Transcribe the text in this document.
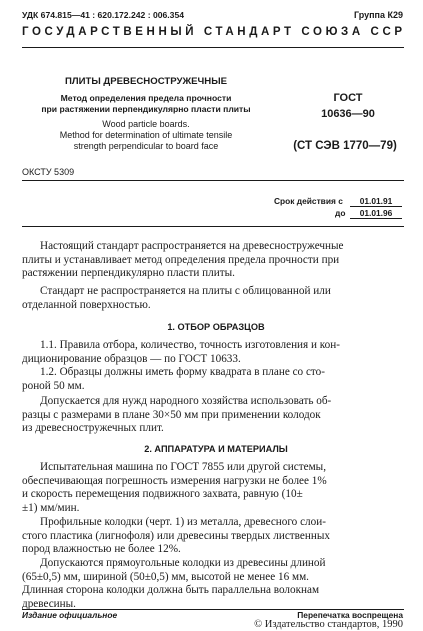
УДК 674.815—41 : 620.172.242 : 006.354	Группа К29
ГОСУДАРСТВЕННЫЙ СТАНДАРТ СОЮЗА ССР
ПЛИТЫ ДРЕВЕСНОСТРУЖЕЧНЫЕ
Метод определения предела прочности
при растяжении перпендикулярно пласти плиты
Wood particle boards.
Method for determination of ultimate tensile
strength perpendicular to board face
ГОСТ
10636—90
(СТ СЭВ 1770—79)
ОКСТУ 5309
Срок действия с	01.01.91
до	01.01.96
Настоящий стандарт распространяется на древесностружечные
плиты и устанавливает метод определения предела прочности при
растяжении перпендикулярно пласти плиты.
Стандарт не распространяется на плиты с облицованной или
отделанной поверхностью.
1. ОТБОР ОБРАЗЦОВ
1.1. Правила отбора, количество, точность изготовления и кон-
диционирование образцов — по ГОСТ 10633.
1.2. Образцы должны иметь форму квадрата в плане со сто-
роной 50 мм.
Допускается для нужд народного хозяйства использовать об-
разцы с размерами в плане 30×50 мм при применении колодок
из древесностружечных плит.
2. АППАРАТУРА И МАТЕРИАЛЫ
Испытательная машина по ГОСТ 7855 или другой системы,
обеспечивающая погрешность измерения нагрузки не более 1%
и скорость перемещения подвижного захвата, равную (10±
±1) мм/мин.
Профильные колодки (черт. 1) из металла, древесного слои-
стого пластика (лигнофоля) или древесины твердых лиственных
пород влажностью не более 12%.
Допускаются прямоугольные колодки из древесины длиной
(65±0,5) мм, шириной (50±0,5) мм, высотой не менее 16 мм.
Длинная сторона колодки должна быть параллельна волокнам
древесины.
Издание официальное	Перепечатка воспрещена
© Издательство стандартов, 1990
